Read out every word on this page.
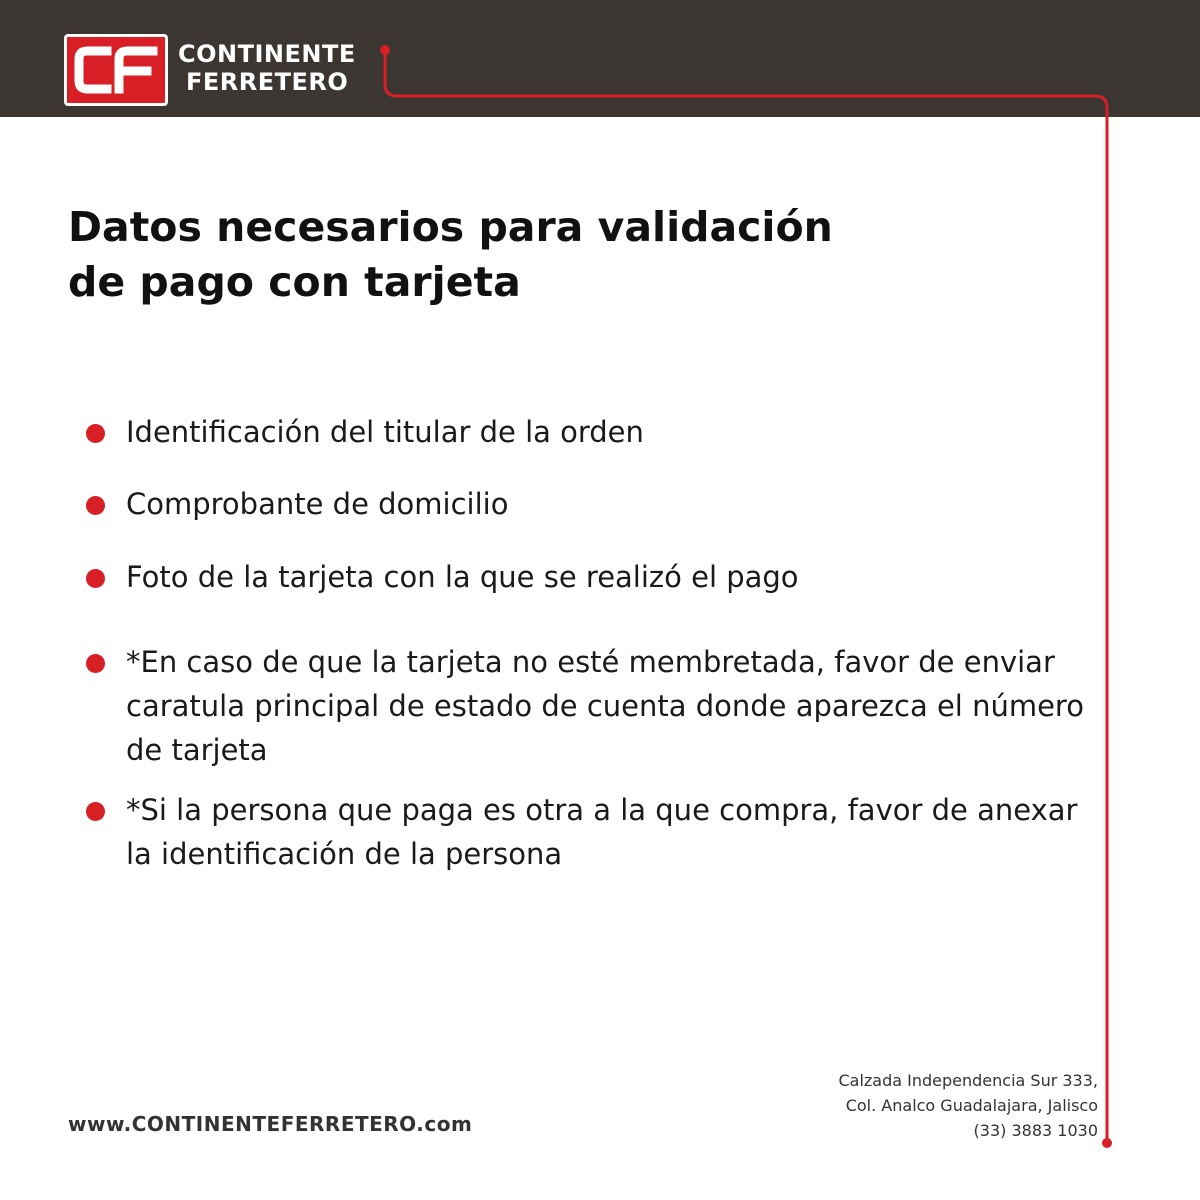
CONTINENTE
FERRETERO
Datos necesarios para validación
de pago con tarjeta
Identificación del titular de la orden
Comprobante de domicilio
Foto de la tarjeta con la que se realizó el pago
*En caso de que la tarjeta no esté membretada, favor de enviar caratula principal de estado de cuenta donde aparezca el número de tarjeta
*Si la persona que paga es otra a la que compra, favor de anexar la identificación de la persona
www.CONTINENTEFERRETERO.com
Calzada Independencia Sur 333,
Col. Analco Guadalajara, Jalisco
(33) 3883 1030
